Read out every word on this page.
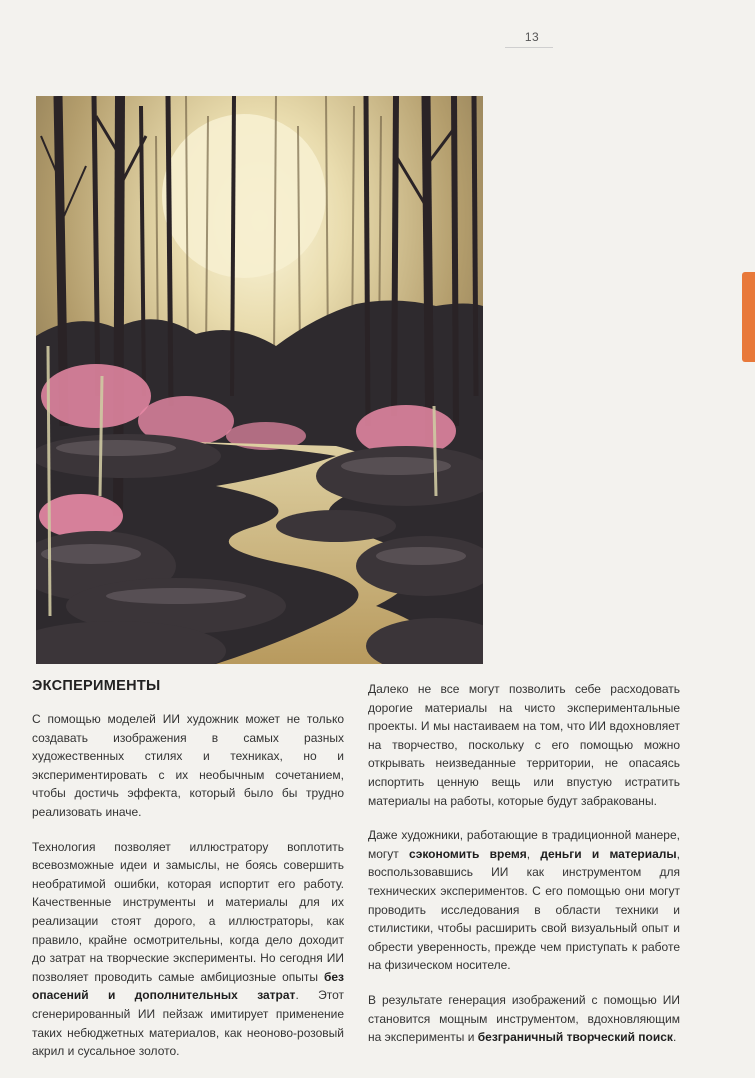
13
ЭКСПЕРИМЕНТЫ

С помощью моделей ИИ художник может не только создавать изображения в самых разных художественных стилях и техниках, но и экспериментировать с их необычным сочетанием, чтобы достичь эффекта, который было бы трудно реализовать иначе.

Технология позволяет иллюстратору воплотить всевозможные идеи и замыслы, не боясь совершить необратимой ошибки, которая испортит его работу. Качественные инструменты и материалы для их реализации стоят дорого, а иллюстраторы, как правило, крайне осмотрительны, когда дело доходит до затрат на творческие эксперименты. Но сегодня ИИ позволяет проводить самые амбициозные опыты без опасений и дополнительных затрат. Этот сгенерированный ИИ пейзаж имитирует применение таких небюджетных материалов, как неоново-розовый акрил и сусальное золото.

Далеко не все могут позволить себе расходовать дорогие материалы на чисто экспериментальные проекты. И мы настаиваем на том, что ИИ вдохновляет на творчество, поскольку с его помощью можно открывать неизведанные территории, не опасаясь испортить ценную вещь или впустую истратить материалы на работы, которые будут забракованы.

Даже художники, работающие в традиционной манере, могут сэкономить время, деньги и материалы, воспользовавшись ИИ как инструментом для технических экспериментов. С его помощью они могут проводить исследования в области техники и стилистики, чтобы расширить свой визуальный опыт и обрести уверенность, прежде чем приступать к работе на физическом носителе.

В результате генерация изображений с помощью ИИ становится мощным инструментом, вдохновляющим на эксперименты и безграничный творческий поиск.
